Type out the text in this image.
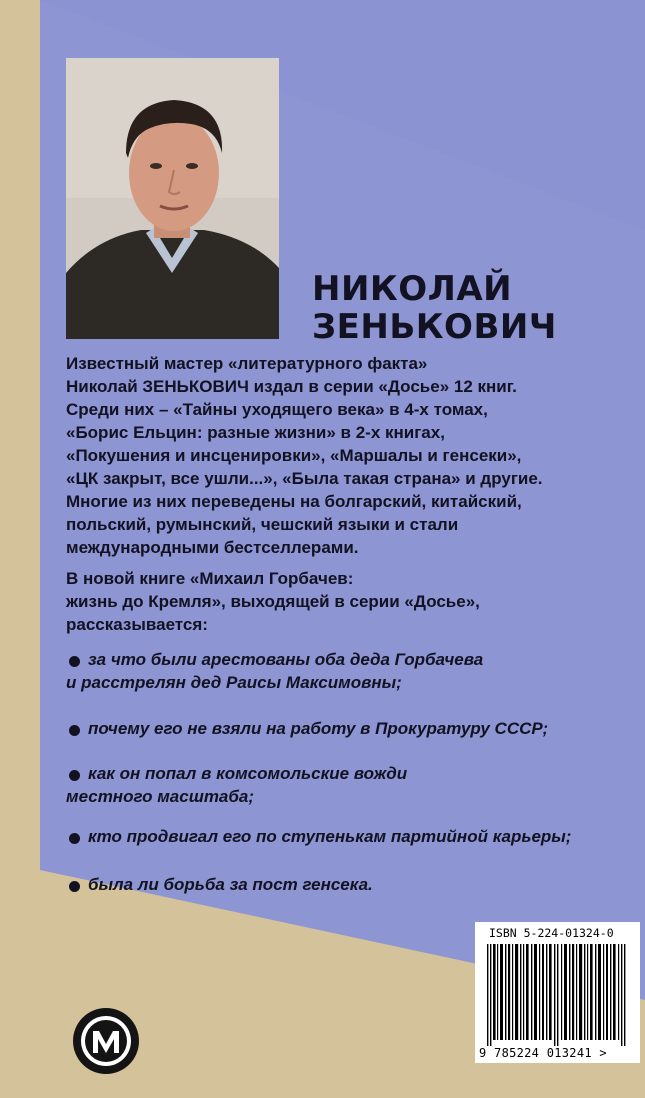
НИКОЛАЙ
ЗЕНЬКОВИЧ

Известный мастер «литературного факта»

Николай ЗЕНЬКОВИЧ издал в серии «Досье» 12 книг.

Среди них – «Тайны уходящего века» в 4-х томах,

«Борис Ельцин: разные жизни» в 2-х книгах,

«Покушения и инсценировки», «Маршалы и генсеки»,

«ЦК закрыт, все ушли...», «Была такая страна» и другие.

Многие из них переведены на болгарский, китайский,

польский, румынский, чешский языки и стали

международными бестселлерами.

В новой книге «Михаил Горбачев:

жизнь до Кремля», выходящей в серии «Досье»,

рассказывается:

за что были арестованы оба деда Горбачева
и расстрелян дед Раисы Максимовны;
почему его не взяли на работу в Прокуратуру СССР;
как он попал в комсомольские вожди
местного масштаба;
кто продвигал его по ступенькам партийной карьеры;
была ли борьба за пост генсека.
ISBN 5-224-01324-0
9 785224 013241 >
